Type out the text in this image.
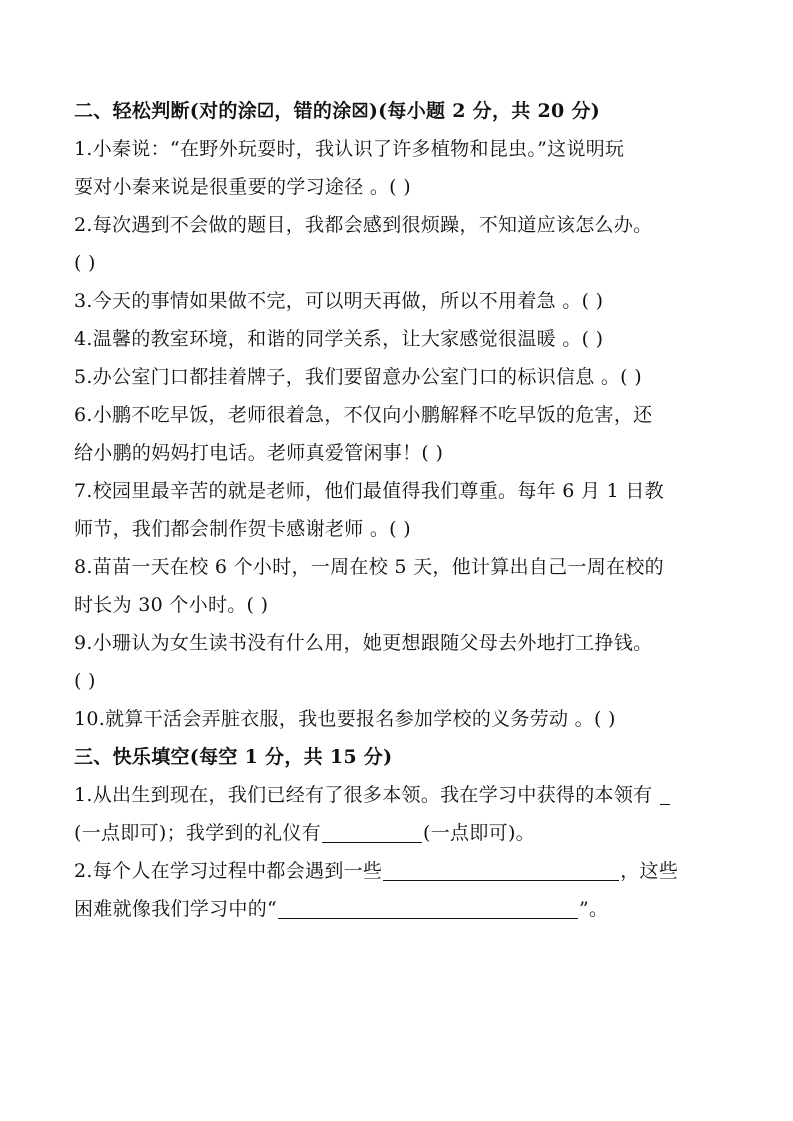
二、轻松判断(对的涂☑，错的涂☒)(每小题 2 分，共 20 分)
1.小秦说：“在野外玩耍时，我认识了许多植物和昆虫。”这说明玩
耍对小秦来说是很重要的学习途径 。( )
2.每次遇到不会做的题目，我都会感到很烦躁，不知道应该怎么办。
( )
3.今天的事情如果做不完，可以明天再做，所以不用着急 。( )
4.温馨的教室环境，和谐的同学关系，让大家感觉很温暖 。( )
5.办公室门口都挂着牌子，我们要留意办公室门口的标识信息 。( )
6.小鹏不吃早饭，老师很着急，不仅向小鹏解释不吃早饭的危害，还
给小鹏的妈妈打电话。老师真爱管闲事！( )
7.校园里最辛苦的就是老师，他们最值得我们尊重。每年 6 月 1 日教
师节，我们都会制作贺卡感谢老师 。( )
8.苗苗一天在校 6 个小时，一周在校 5 天，他计算出自己一周在校的
时长为 30 个小时。( )
9.小珊认为女生读书没有什么用，她更想跟随父母去外地打工挣钱。
( )
10.就算干活会弄脏衣服，我也要报名参加学校的义务劳动 。( )
三、快乐填空(每空 1 分，共 15 分)
1.从出生到现在，我们已经有了很多本领。我在学习中获得的本领有
(一点即可)；我学到的礼仪有	(一点即可)。
2.每个人在学习过程中都会遇到一些	，这些
困难就像我们学习中的“	”。
